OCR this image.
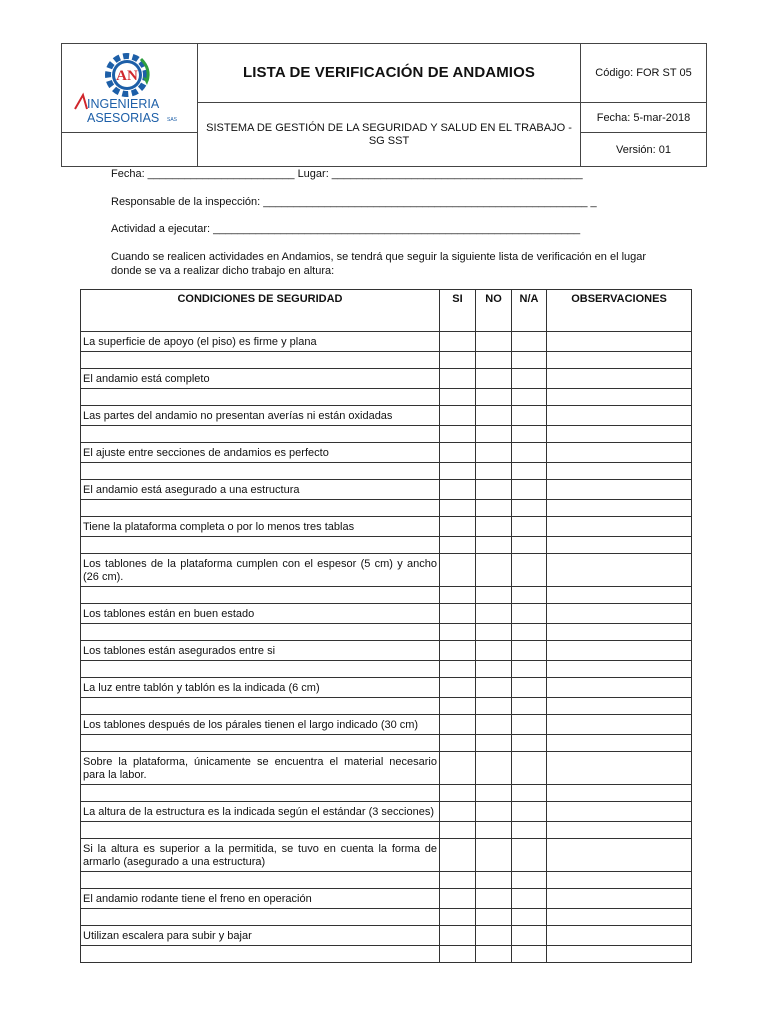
AN
INGENIERIA
ASESORIAS SAS	LISTA DE VERIFICACIÓN DE ANDAMIOS	Código: FOR ST 05

	SISTEMA DE GESTIÓN DE LA SEGURIDAD Y SALUD EN EL TRABAJO - SG SST	Fecha: 5-mar-2018
		Versión: 01
Fecha: ________________________ Lugar: _________________________________________
Responsable de la inspección: _____________________________________________________ _
Actividad a ejecutar: ____________________________________________________________
Cuando se realicen actividades en Andamios, se tendrá que seguir la siguiente lista de verificación en el lugar donde se va a realizar dicho trabajo en altura:
CONDICIONES DE SEGURIDAD	SI	NO	N/A	OBSERVACIONES
La superficie de apoyo (el piso) es firme y plana				

El andamio está completo				

Las partes del andamio no presentan averías ni están oxidadas				

El ajuste entre secciones de andamios es perfecto				

El andamio está asegurado a una estructura				

Tiene la plataforma completa o por lo menos tres tablas				

Los tablones de la plataforma cumplen con el espesor (5 cm) y ancho (26 cm).				

Los tablones están en buen estado				

Los tablones están asegurados entre si				

La luz entre tablón y tablón es la indicada (6 cm)				

Los tablones después de los párales tienen el largo indicado (30 cm)				

Sobre la plataforma, únicamente se encuentra el material necesario para la labor.				

La altura de la estructura es la indicada según el estándar (3 secciones)				

Si la altura es superior a la permitida, se tuvo en cuenta la forma de armarlo (asegurado a una estructura)				

El andamio rodante tiene el freno en operación				

Utilizan escalera para subir y bajar				
